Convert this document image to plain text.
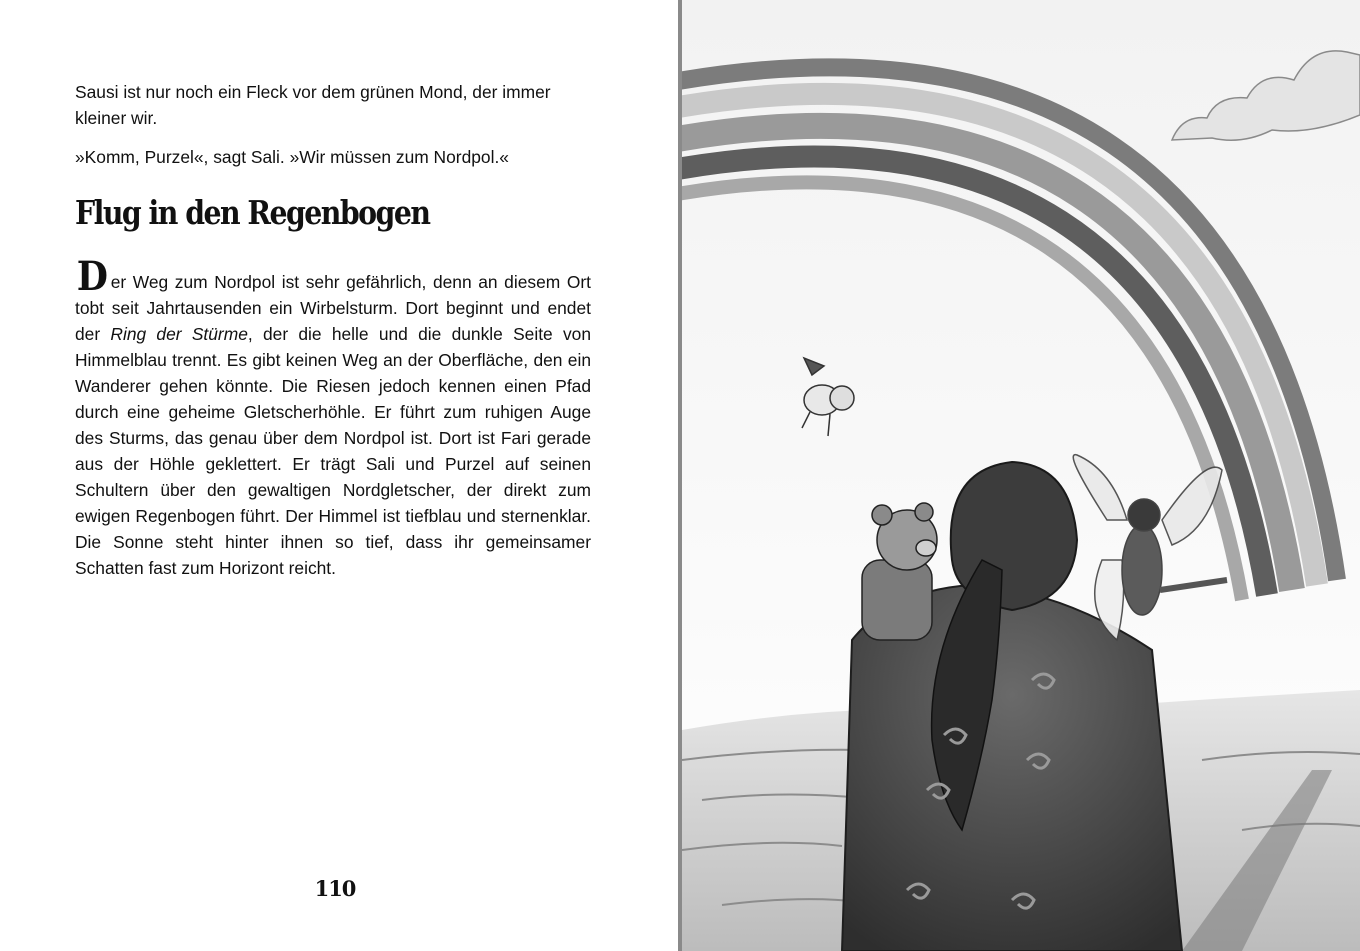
Sausi ist nur noch ein Fleck vor dem grünen Mond, der immer kleiner wir.

»Komm, Purzel«, sagt Sali. »Wir müssen zum Nordpol.«

Flug in den Regenbogen

Der Weg zum Nordpol ist sehr gefährlich, denn an diesem Ort tobt seit Jahrtausenden ein Wirbelsturm. Dort beginnt und endet der Ring der Stürme, der die helle und die dunkle Seite von Himmelblau trennt. Es gibt keinen Weg an der Oberfläche, den ein Wanderer gehen könnte. Die Riesen jedoch kennen einen Pfad durch eine geheime Gletscherhöhle. Er führt zum ruhigen Auge des Sturms, das genau über dem Nordpol ist. Dort ist Fari gerade aus der Höhle geklettert. Er trägt Sali und Purzel auf seinen Schultern über den gewaltigen Nordgletscher, der direkt zum ewigen Regenbogen führt. Der Himmel ist tiefblau und sternenklar. Die Sonne steht hinter ihnen so tief, dass ihr gemeinsamer Schatten fast zum Horizont reicht.

110
